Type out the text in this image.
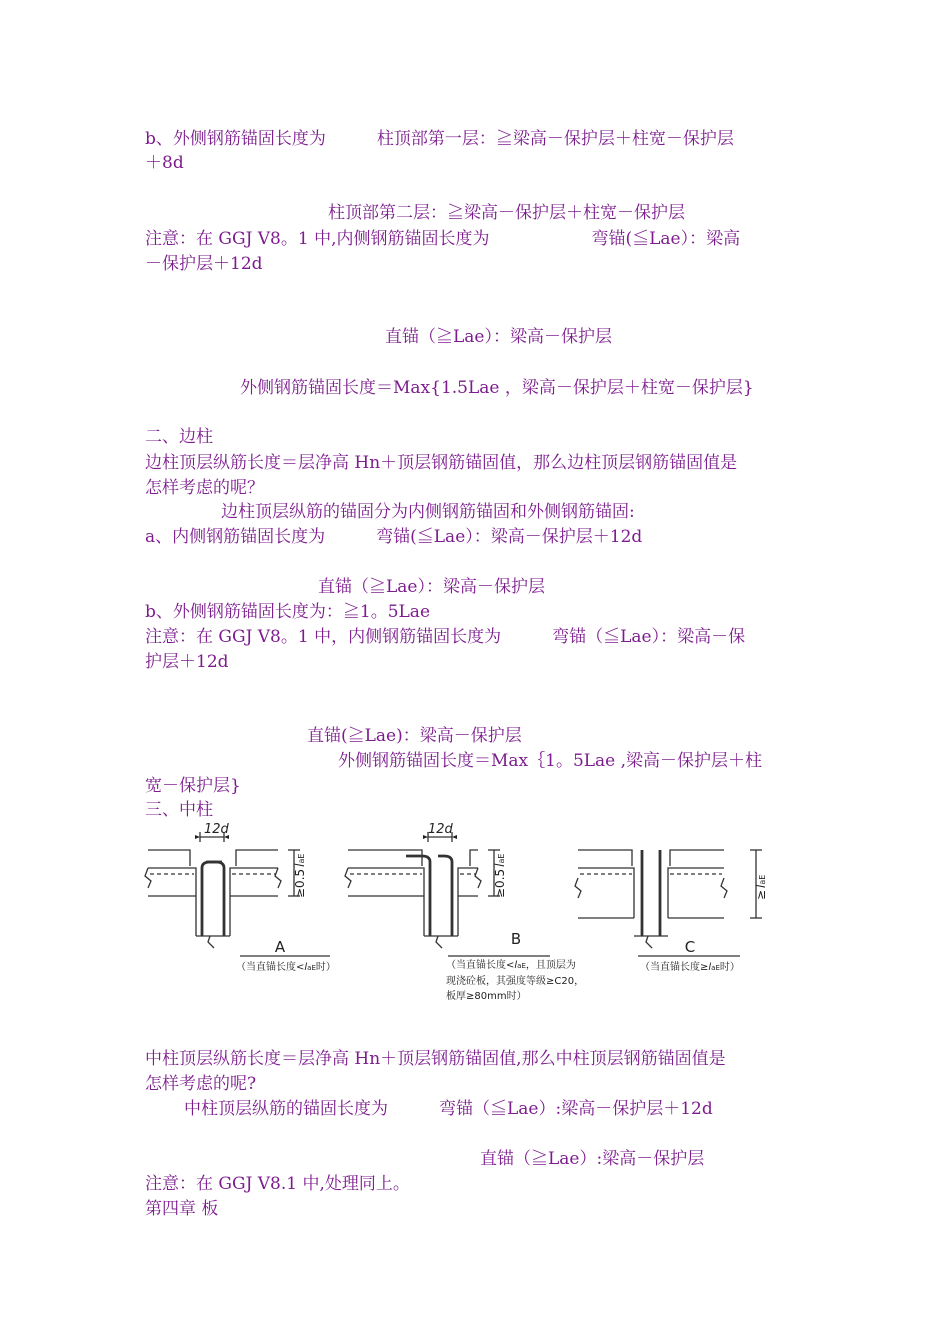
b、外侧钢筋锚固长度为　　　柱顶部第一层：≧梁高－保护层＋柱宽－保护层

＋8d

柱顶部第二层：≧梁高－保护层＋柱宽－保护层

注意：在 GGJ V8。1 中,内侧钢筋锚固长度为　　　　　　弯锚(≦Lae）：梁高

－保护层＋12d

直锚（≧Lae）：梁高－保护层

外侧钢筋锚固长度＝Max{1.5Lae ，梁高－保护层＋柱宽－保护层}

二、边柱

边柱顶层纵筋长度＝层净高 Hn＋顶层钢筋锚固值，那么边柱顶层钢筋锚固值是

怎样考虑的呢？

边柱顶层纵筋的锚固分为内侧钢筋锚固和外侧钢筋锚固:

a、内侧钢筋锚固长度为　　　弯锚(≦Lae）：梁高－保护层＋12d

直锚（≧Lae）：梁高－保护层

b、外侧钢筋锚固长度为：≧1。5Lae

注意：在 GGJ V8。1 中，内侧钢筋锚固长度为　　　弯锚（≦Lae）：梁高－保

护层＋12d

直锚(≧Lae)：梁高－保护层

外侧钢筋锚固长度＝Max｛1。5Lae ,梁高－保护层＋柱

宽－保护层}

三、中柱

12d	12d
≥0.5laE
≥0.5laE
≥laE
A	B	C
（当直锚长度<laE时）	（当直锚长度<laE，且顶层为
现浇砼板，其强度等级≥C20，
板厚≥80mm时）
（当直锚长度≥laE时）

中柱顶层纵筋长度＝层净高 Hn＋顶层钢筋锚固值,那么中柱顶层钢筋锚固值是

怎样考虑的呢?

中柱顶层纵筋的锚固长度为　　　弯锚（≦Lae）:梁高－保护层＋12d

直锚（≧Lae）:梁高－保护层

注意：在 GGJ V8.1 中,处理同上。

第四章 板
